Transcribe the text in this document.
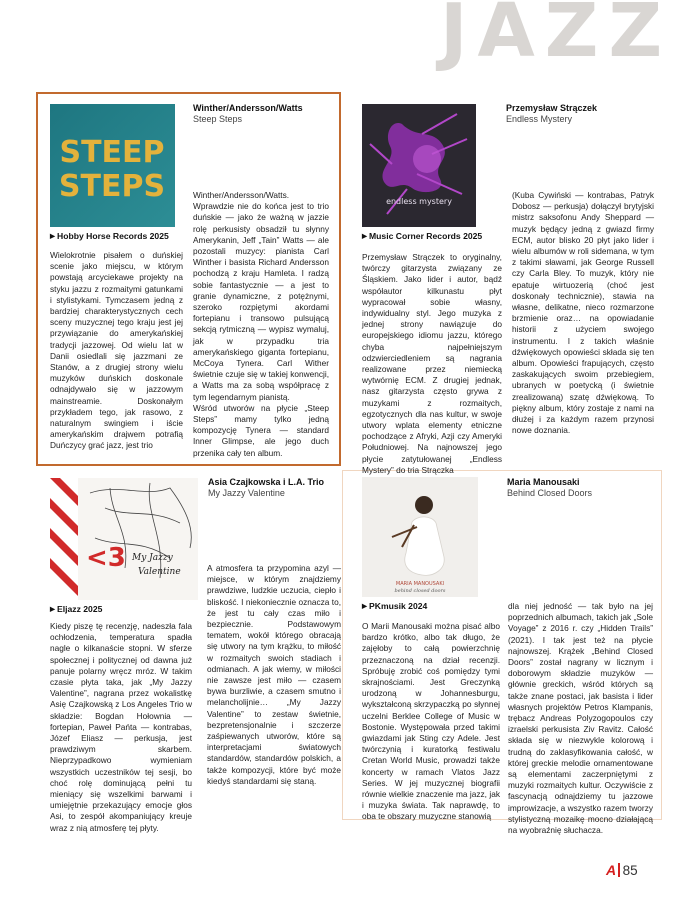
JAZZ
STEEP
STEPS
Winther/Andersson/Watts
Steep Steps
▶ Hobby Horse Records 2025
Wielokrotnie pisałem o duńskiej scenie jako miejscu, w którym powstają arcyciekawe projekty na styku jazzu z rozmaitymi gatunkami i stylistykami. Tymczasem jedną z bardziej charakterystycznych cech sceny muzycznej tego kraju jest jej przywiązanie do amerykańskiej tradycji jazzowej. Od wielu lat w Danii osiedlali się jazzmani ze Stanów, a z drugiej strony wielu muzyków duńskich doskonale odnajdywało się w jazzowym mainstreamie. Doskonałym przykładem tego, jak rasowo, z naturalnym swingiem i iście amerykańskim drajwem potrafią Duńczycy grać jazz, jest trio
Winther/Andersson/Watts. Wprawdzie nie do końca jest to trio duńskie — jako że ważną w jazzie rolę perkusisty obsadził tu słynny Amerykanin, Jeff „Tain” Watts — ale pozostali muzycy: pianista Carl Winther i basista Richard Andersson pochodzą z kraju Hamleta. I radzą sobie fantastycznie — a jest to granie dynamiczne, z potężnymi, szeroko rozpiętymi akordami fortepianu i transowo pulsującą sekcją rytmiczną — wypisz wymaluj, jak w przypadku tria amerykańskiego giganta fortepianu, McCoya Tynera. Carl Wither świetnie czuje się w takiej konwencji, a Watts ma za sobą współpracę z tym legendarnym pianistą.
Wśród utworów na płycie „Steep Steps” mamy tylko jedną kompozycję Tynera — standard Inner Glimpse, ale jego duch przenika cały ten album.
endless mystery
Przemysław Strączek
Endless Mystery
▶ Music Corner Records 2025
Przemysław Strączek to oryginalny, twórczy gitarzysta związany ze Śląskiem. Jako lider i autor, bądź współautor kilkunastu płyt wypracował sobie własny, indywidualny styl. Jego muzyka z jednej strony nawiązuje do europejskiego idiomu jazzu, którego chyba najpełniejszym odzwierciedleniem są nagrania realizowane przez niemiecką wytwórnię ECM. Z drugiej jednak, nasz gitarzysta często grywa z muzykami z rozmaitych, egzotycznych dla nas kultur, w swoje utwory wplata elementy etniczne pochodzące z Afryki, Azji czy Ameryki Południowej. Na najnowszej jego płycie zatytułowanej „Endless Mystery” do tria Strączka
(Kuba Cywiński — kontrabas, Patryk Dobosz — perkusja) dołączył brytyjski mistrz saksofonu Andy Sheppard — muzyk będący jedną z gwiazd firmy ECM, autor blisko 20 płyt jako lider i wielu albumów w roli sidemana, w tym z takimi sławami, jak George Russell czy Carla Bley. To muzyk, który nie epatuje wirtuozerią (choć jest doskonały technicznie), stawia na własne, delikatne, nieco rozmarzone brzmienie oraz… na opowiadanie historii z użyciem swojego instrumentu. I z takich właśnie dźwiękowych opowieści składa się ten album. Opowieści frapujących, często zaskakujących swoim przebiegiem, ubranych w poetycką (i świetnie zrealizowaną) szatę dźwiękową. To piękny album, który zostaje z nami na dłużej i za każdym razem przynosi nowe doznania.
<3 My Jazzy
Valentine
Asia Czajkowska i L.A. Trio
My Jazzy Valentine
▶ Eljazz 2025
Kiedy piszę tę recenzję, nadeszła fala ochłodzenia, temperatura spadła nagle o kilkanaście stopni. W sferze społecznej i politycznej od dawna już panuje polarny wręcz mróz. W takim czasie płyta taka, jak „My Jazzy Valentine”, nagrana przez wokalistkę Asię Czajkowską z Los Angeles Trio w składzie: Bogdan Hołownia — fortepian, Paweł Pańta — kontrabas, Józef Eliasz — perkusja, jest prawdziwym skarbem. Nieprzypadkowo wymieniam wszystkich uczestników tej sesji, bo choć rolę dominującą pełni tu mieniący się wszelkimi barwami i umiejętnie przekazujący emocje głos Asi, to zespół akompaniujący kreuje wraz z nią atmosferę tej płyty.
A atmosfera ta przypomina azyl — miejsce, w którym znajdziemy prawdziwe, ludzkie uczucia, ciepło i bliskość. I niekoniecznie oznacza to, że jest tu cały czas miło i bezpiecznie. Podstawowym tematem, wokół którego obracają się utwory na tym krążku, to miłość w rozmaitych swoich stadiach i odmianach. A jak wiemy, w miłości nie zawsze jest miło — czasem bywa burzliwie, a czasem smutno i melancholijnie… „My Jazzy Valentine” to zestaw świetnie, bezpretensjonalnie i szczerze zaśpiewanych utworów, które są interpretacjami światowych standardów, standardów polskich, a także kompozycji, które być może kiedyś standardami się staną.
MARIA MANOUSAKI
behind closed doors
Maria Manousaki
Behind Closed Doors
▶ PKmusik 2024
O Marii Manousaki można pisać albo bardzo krótko, albo tak długo, że zajęłoby to całą powierzchnię przeznaczoną na dział recenzji. Spróbuję zrobić coś pomiędzy tymi skrajnościami. Jest Greczynką urodzoną w Johannesburgu, wykształconą skrzypaczką po słynnej uczelni Berklee College of Music w Bostonie. Występowała przed takimi gwiazdami jak Sting czy Adele. Jest twórczynią i kuratorką festiwalu Cretan World Music, prowadzi także koncerty w ramach Vlatos Jazz Series. W jej muzycznej biografii równie wielkie znaczenie ma jazz, jak i muzyka świata. Tak naprawdę, to oba te obszary muzyczne stanowią
dla niej jedność — tak było na jej poprzednich albumach, takich jak „Sole Voyage” z 2016 r. czy „Hidden Trails” (2021). I tak jest też na płycie najnowszej. Krążek „Behind Closed Doors” został nagrany w licznym i doborowym składzie muzyków — głównie greckich, wśród których są także znane postaci, jak basista i lider własnych projektów Petros Klampanis, trębacz Andreas Polyzogopoulos czy izraelski perkusista Ziv Ravitz. Całość składa się w niezwykle kolorową i trudną do zaklasyfikowania całość, w której greckie melodie ornamentowane są elementami zaczerpniętymi z muzyki rozmaitych kultur. Oczywiście z fascynacją odnajdziemy tu jazzowe improwizacje, a wszystko razem tworzy stylistyczną mozaikę mocno działającą na wyobraźnię słuchacza.
A 85
